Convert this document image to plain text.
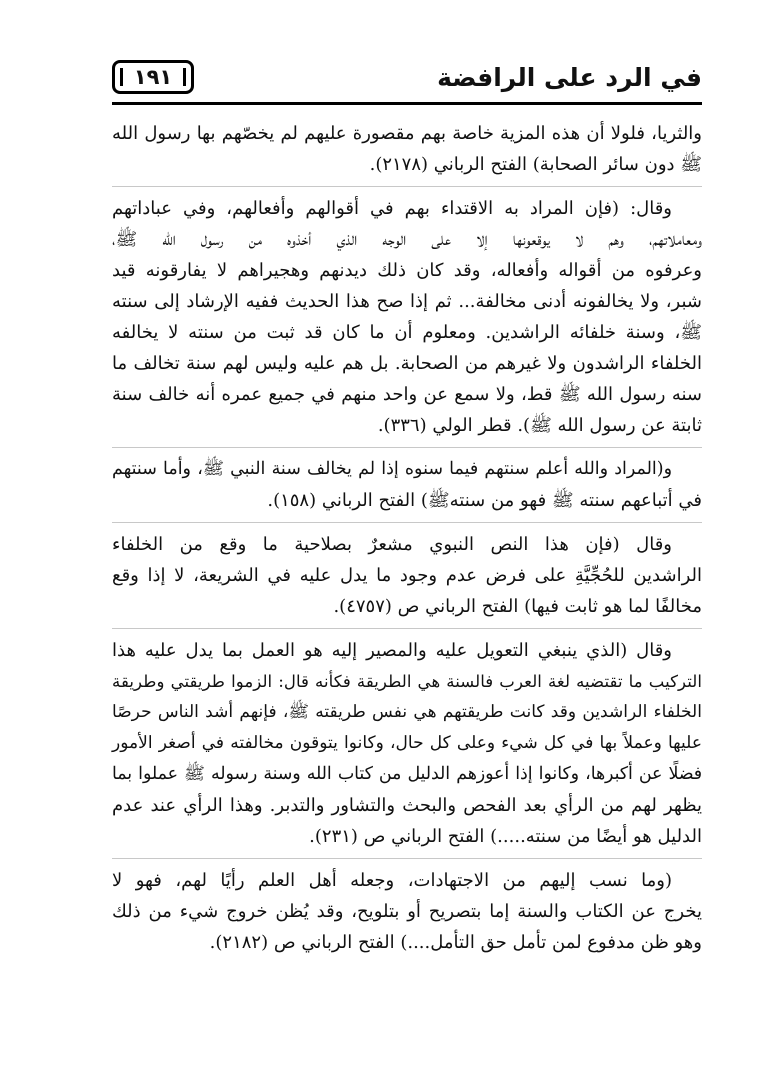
في الرد على الرافضة
١٩١
والثريا، فلولا أن هذه المزية خاصة بهم مقصورة عليهم لم يخصّهم بها رسول الله
ﷺ دون سائر الصحابة) الفتح الرباني (٢١٧٨).
وقال: (فإن المراد به الاقتداء بهم في أقوالهم وأفعالهم، وفي عباداتهم
ومعاملاتهم، وهم لا يوقعونها إلا على الوجه الذي أخذوه من رسول الله ﷺ،
وعرفوه من أقواله وأفعاله، وقد كان ذلك ديدنهم وهجيراهم لا يفارقونه قيد
شبر، ولا يخالفونه أدنى مخالفة... ثم إذا صح هذا الحديث ففيه الإرشاد إلى سنته
ﷺ، وسنة خلفائه الراشدين. ومعلوم أن ما كان قد ثبت من سنته لا يخالفه
الخلفاء الراشدون ولا غيرهم من الصحابة. بل هم عليه وليس لهم سنة تخالف ما
سنه رسول الله ﷺ قط، ولا سمع عن واحد منهم في جميع عمره أنه خالف سنة
ثابتة عن رسول الله ﷺ). قطر الولي (٣٣٦).
و(المراد والله أعلم سنتهم فيما سنوه إذا لم يخالف سنة النبي ﷺ، وأما سنتهم
في أتباعهم سنته ﷺ فهو من سنتهﷺ) الفتح الرباني (١٥٨).
وقال (فإن هذا النص النبوي مشعرٌ بصلاحية ما وقع من الخلفاء
الراشدين للحُجِّيَّةِ على فرض عدم وجود ما يدل عليه في الشريعة، لا إذا وقع
مخالفًا لما هو ثابت فيها) الفتح الرباني ص (٤٧٥٧).
وقال (الذي ينبغي التعويل عليه والمصير إليه هو العمل بما يدل عليه هذا
التركيب ما تقتضيه لغة العرب فالسنة هي الطريقة فكأنه قال: الزموا طريقتي وطريقة
الخلفاء الراشدين وقد كانت طريقتهم هي نفس طريقته ﷺ، فإنهم أشد الناس حرصًا
عليها وعملاً بها في كل شيء وعلى كل حال، وكانوا يتوقون مخالفته في أصغر الأمور
فضلًا عن أكبرها، وكانوا إذا أعوزهم الدليل من كتاب الله وسنة رسوله ﷺ عملوا بما
يظهر لهم من الرأي بعد الفحص والبحث والتشاور والتدبر. وهذا الرأي عند عدم
الدليل هو أيضًا من سنته.....) الفتح الرباني ص (٢٣١).
(وما نسب إليهم من الاجتهادات، وجعله أهل العلم رأيًا لهم، فهو لا
يخرج عن الكتاب والسنة إما بتصريح أو بتلويح، وقد يُظن خروج شيء من ذلك
وهو ظن مدفوع لمن تأمل حق التأمل....) الفتح الرباني ص (٢١٨٢).
